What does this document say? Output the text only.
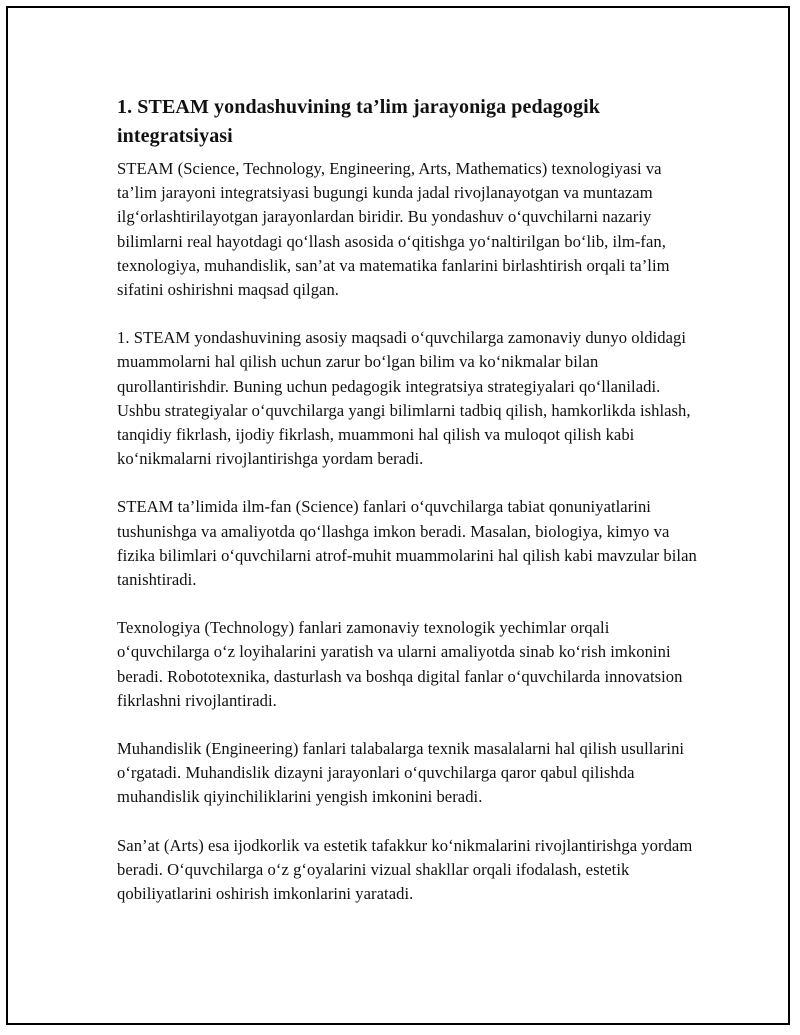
1. STEAM yondashuvining ta’lim jarayoniga pedagogik integratsiyasi

STEAM (Science, Technology, Engineering, Arts, Mathematics) texnologiyasi va ta’lim jarayoni integratsiyasi bugungi kunda jadal rivojlanayotgan va muntazam ilg‘orlashtirilayotgan jarayonlardan biridir. Bu yondashuv o‘quvchilarni nazariy bilimlarni real hayotdagi qo‘llash asosida o‘qitishga yo‘naltirilgan bo‘lib, ilm-fan, texnologiya, muhandislik, san’at va matematika fanlarini birlashtirish orqali ta’lim sifatini oshirishni maqsad qilgan.

1. STEAM yondashuvining asosiy maqsadi o‘quvchilarga zamonaviy dunyo oldidagi muammolarni hal qilish uchun zarur bo‘lgan bilim va ko‘nikmalar bilan qurollantirishdir. Buning uchun pedagogik integratsiya strategiyalari qo‘llaniladi. Ushbu strategiyalar o‘quvchilarga yangi bilimlarni tadbiq qilish, hamkorlikda ishlash, tanqidiy fikrlash, ijodiy fikrlash, muammoni hal qilish va muloqot qilish kabi ko‘nikmalarni rivojlantirishga yordam beradi.

STEAM ta’limida ilm-fan (Science) fanlari o‘quvchilarga tabiat qonuniyatlarini tushunishga va amaliyotda qo‘llashga imkon beradi. Masalan, biologiya, kimyo va fizika bilimlari o‘quvchilarni atrof-muhit muammolarini hal qilish kabi mavzular bilan tanishtiradi.

Texnologiya (Technology) fanlari zamonaviy texnologik yechimlar orqali o‘quvchilarga o‘z loyihalarini yaratish va ularni amaliyotda sinab ko‘rish imkonini beradi. Robototexnika, dasturlash va boshqa digital fanlar o‘quvchilarda innovatsion fikrlashni rivojlantiradi.

Muhandislik (Engineering) fanlari talabalarga texnik masalalarni hal qilish usullarini o‘rgatadi. Muhandislik dizayni jarayonlari o‘quvchilarga qaror qabul qilishda muhandislik qiyinchiliklarini yengish imkonini beradi.

San’at (Arts) esa ijodkorlik va estetik tafakkur ko‘nikmalarini rivojlantirishga yordam beradi. O‘quvchilarga o‘z g‘oyalarini vizual shakllar orqali ifodalash, estetik qobiliyatlarini oshirish imkonlarini yaratadi.
